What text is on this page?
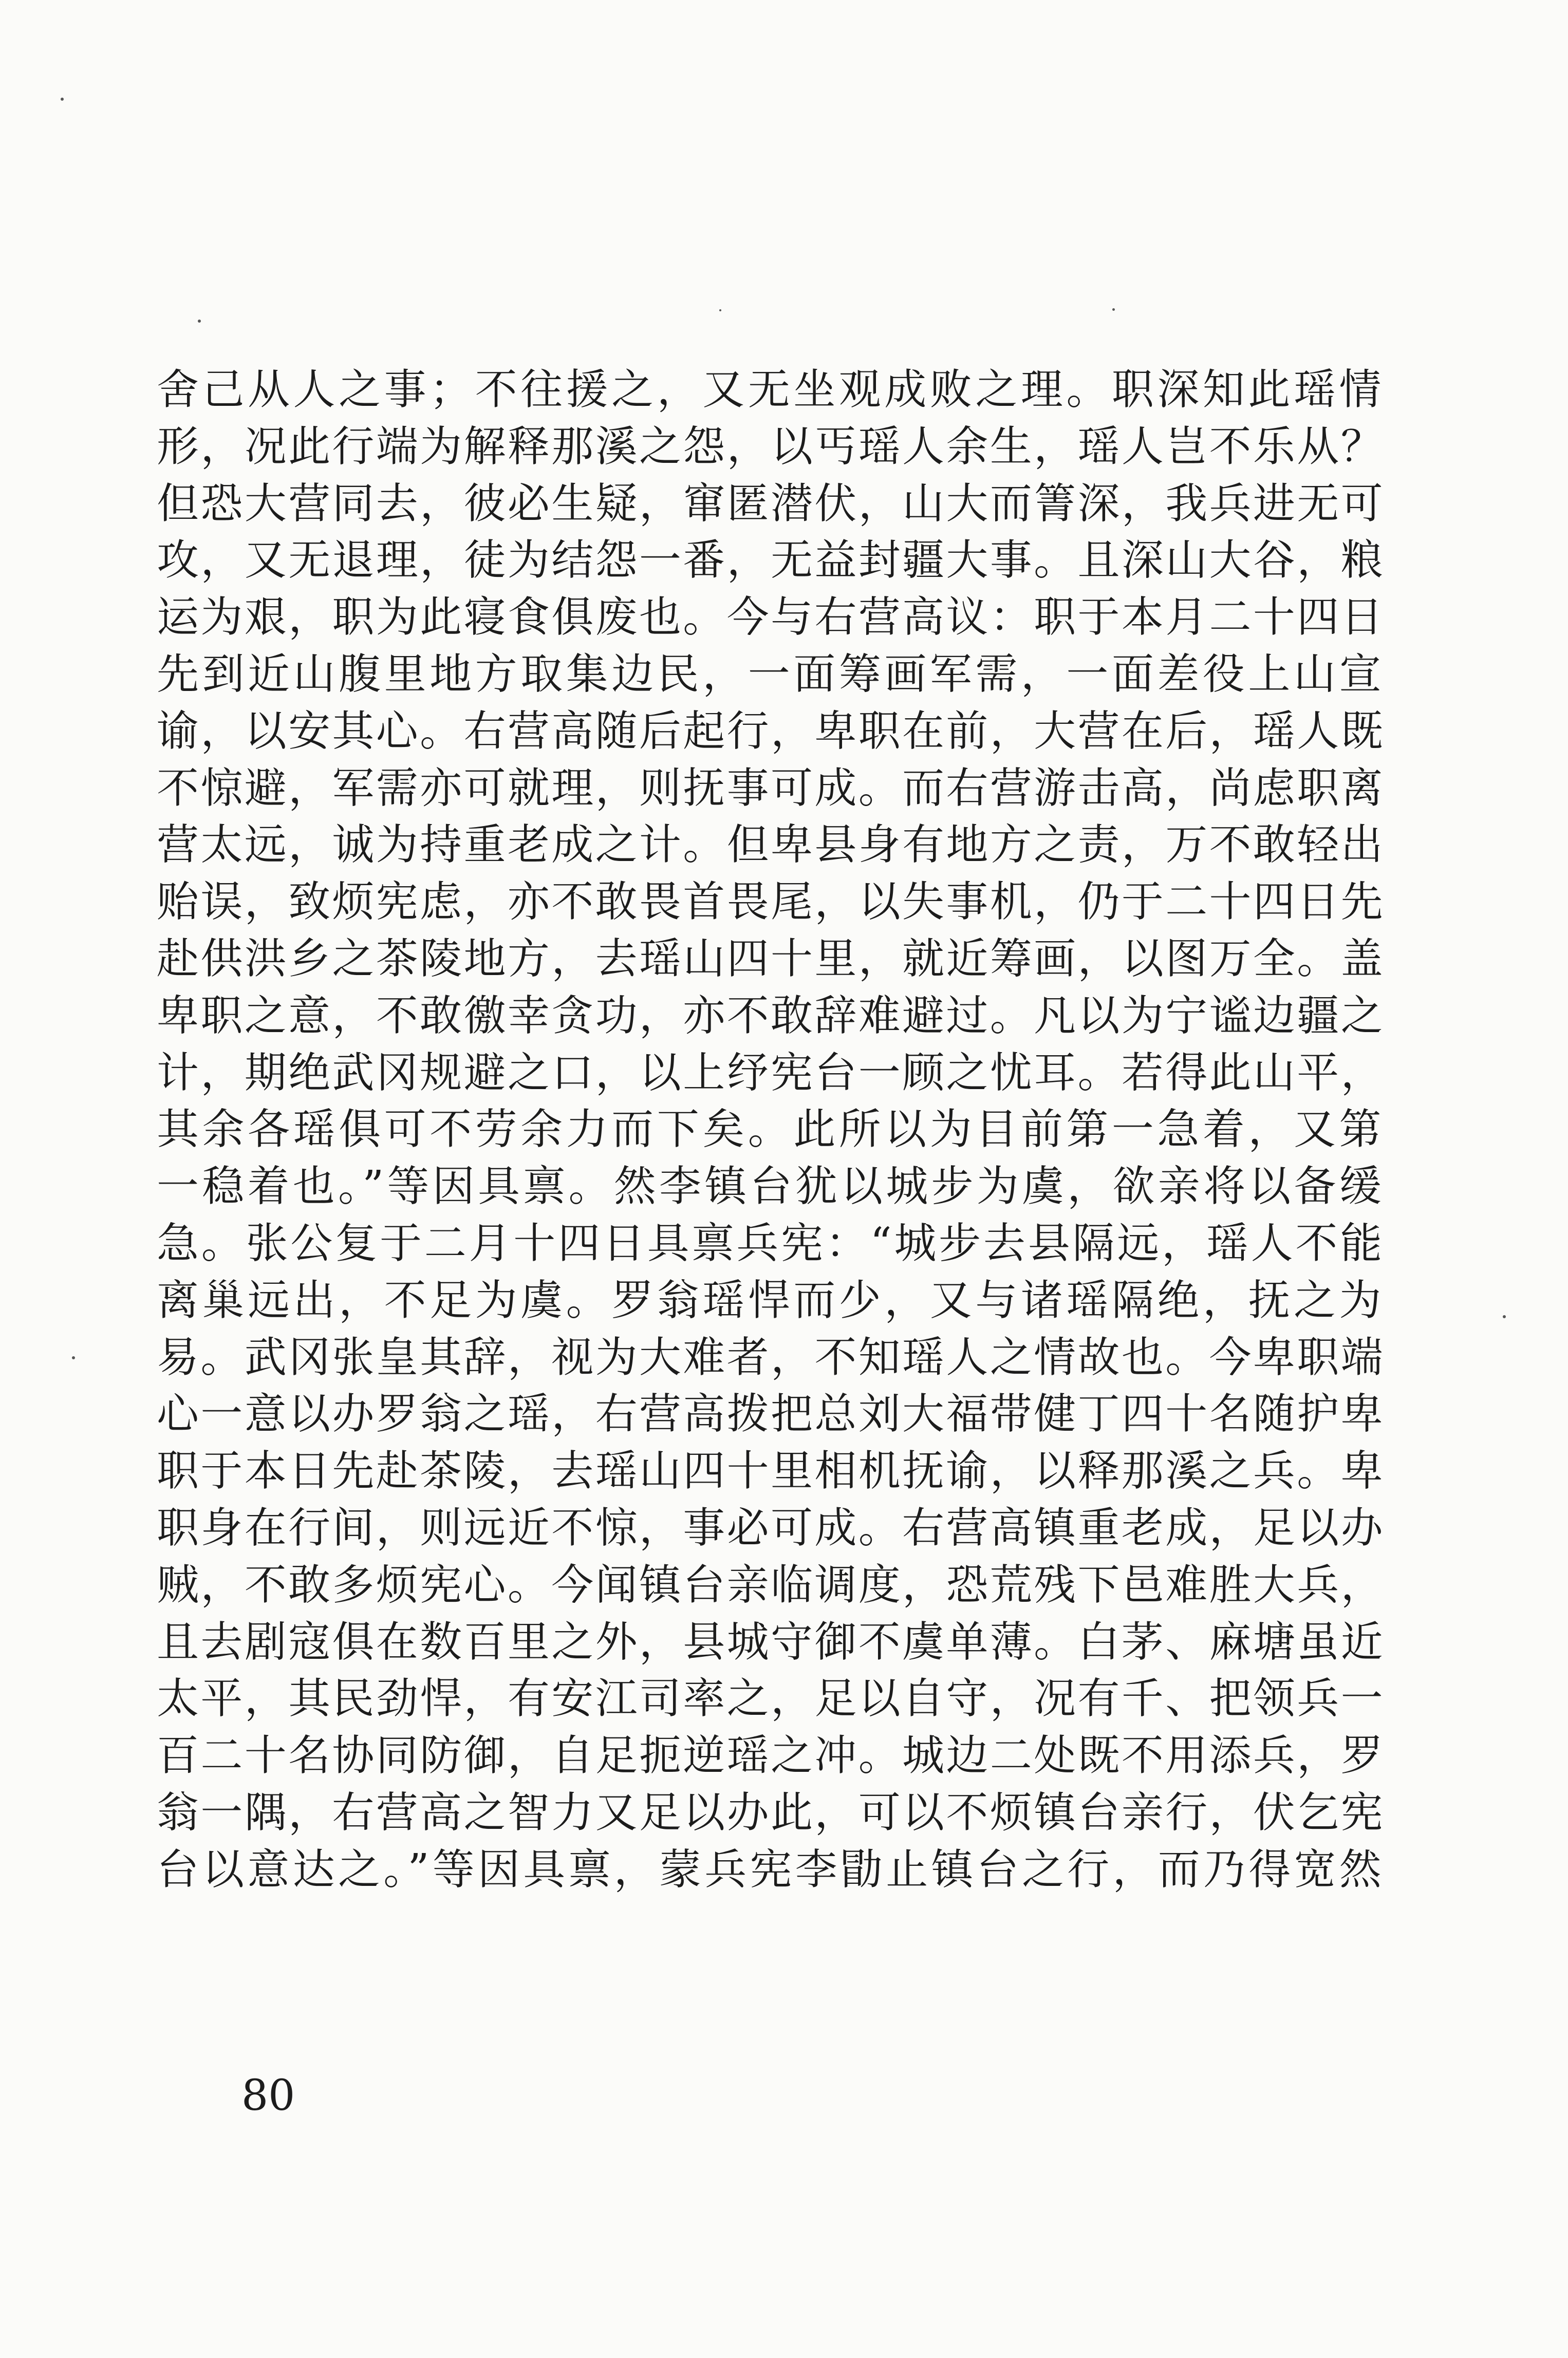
舍己从人之事；不往援之，又无坐观成败之理。职深知此瑶情
形，况此行端为解释那溪之怨，以丐瑶人余生，瑶人岂不乐从？
但恐大营同去，彼必生疑，窜匿潜伏，山大而箐深，我兵进无可
攻，又无退理，徒为结怨一番，无益封疆大事。且深山大谷，粮
运为艰，职为此寝食俱废也。今与右营高议：职于本月二十四日
先到近山腹里地方取集边民，一面筹画军需，一面差役上山宣
谕，以安其心。右营高随后起行，卑职在前，大营在后，瑶人既
不惊避，军需亦可就理，则抚事可成。而右营游击高，尚虑职离
营太远，诚为持重老成之计。但卑县身有地方之责，万不敢轻出
贻误，致烦宪虑，亦不敢畏首畏尾，以失事机，仍于二十四日先
赴供洪乡之茶陵地方，去瑶山四十里，就近筹画，以图万全。盖
卑职之意，不敢徼幸贪功，亦不敢辞难避过。凡以为宁谧边疆之
计，期绝武冈规避之口，以上纾宪台一顾之忧耳。若得此山平，
其余各瑶俱可不劳余力而下矣。此所以为目前第一急着，又第
一稳着也。”等因具禀。然李镇台犹以城步为虞，欲亲将以备缓
急。张公复于二月十四日具禀兵宪：“城步去县隔远，瑶人不能
离巢远出，不足为虞。罗翁瑶悍而少，又与诸瑶隔绝，抚之为
易。武冈张皇其辞，视为大难者，不知瑶人之情故也。今卑职端
心一意以办罗翁之瑶，右营高拨把总刘大福带健丁四十名随护卑
职于本日先赴茶陵，去瑶山四十里相机抚谕，以释那溪之兵。卑
职身在行间，则远近不惊，事必可成。右营高镇重老成，足以办
贼，不敢多烦宪心。今闻镇台亲临调度，恐荒残下邑难胜大兵，
且去剧寇俱在数百里之外，县城守御不虞单薄。白茅、麻塘虽近
太平，其民劲悍，有安江司率之，足以自守，况有千、把领兵一
百二十名协同防御，自足扼逆瑶之冲。城边二处既不用添兵，罗
翁一隅，右营高之智力又足以办此，可以不烦镇台亲行，伏乞宪
台以意达之。”等因具禀，蒙兵宪李勖止镇台之行，而乃得宽然
80
